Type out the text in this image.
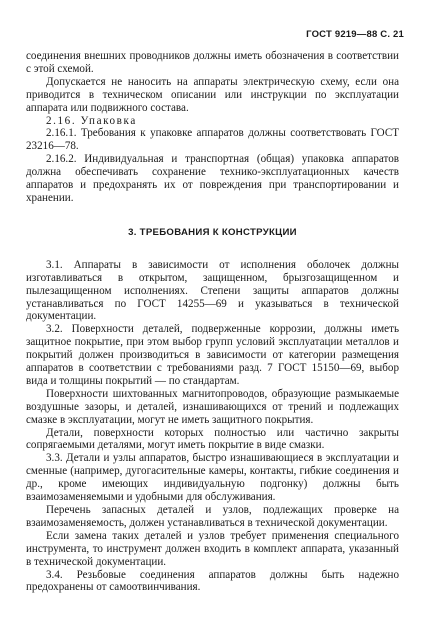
ГОСТ 9219—88 С. 21

соединения внешних проводников должны иметь обозначения в соответствии с этой схемой.

Допускается не наносить на аппараты электрическую схему, если она приводится в техническом описании или инструкции по эксплуатации аппарата или подвижного состава.

2.16. Упаковка

2.16.1. Требования к упаковке аппаратов должны соответствовать ГОСТ 23216—78.

2.16.2. Индивидуальная и транспортная (общая) упаковка аппаратов должна обеспечивать сохранение технико-эксплуатационных качеств аппаратов и предохранять их от повреждения при транспортировании и хранении.

3. ТРЕБОВАНИЯ К КОНСТРУКЦИИ

3.1. Аппараты в зависимости от исполнения оболочек должны изготавливаться в открытом, защищенном, брызгозащищенном и пылезащищенном исполнениях. Степени защиты аппаратов должны устанавливаться по ГОСТ 14255—69 и указываться в технической документации.

3.2. Поверхности деталей, подверженные коррозии, должны иметь защитное покрытие, при этом выбор групп условий эксплуатации металлов и покрытий должен производиться в зависимости от категории размещения аппаратов в соответствии с требованиями разд. 7 ГОСТ 15150—69, выбор вида и толщины покрытий — по стандартам.

Поверхности шихтованных магнитопроводов, образующие размыкаемые воздушные зазоры, и деталей, изнашивающихся от трений и подлежащих смазке в эксплуатации, могут не иметь защитного покрытия.

Детали, поверхности которых полностью или частично закрыты сопрягаемыми деталями, могут иметь покрытие в виде смазки.

3.3. Детали и узлы аппаратов, быстро изнашивающиеся в эксплуатации и сменные (например, дугогасительные камеры, контакты, гибкие соединения и др., кроме имеющих индивидуальную подгонку) должны быть взаимозаменяемыми и удобными для обслуживания.

Перечень запасных деталей и узлов, подлежащих проверке на взаимозаменяемость, должен устанавливаться в технической документации.

Если замена таких деталей и узлов требует применения специального инструмента, то инструмент должен входить в комплект аппарата, указанный в технической документации.

3.4. Резьбовые соединения аппаратов должны быть надежно предохранены от самоотвинчивания.
